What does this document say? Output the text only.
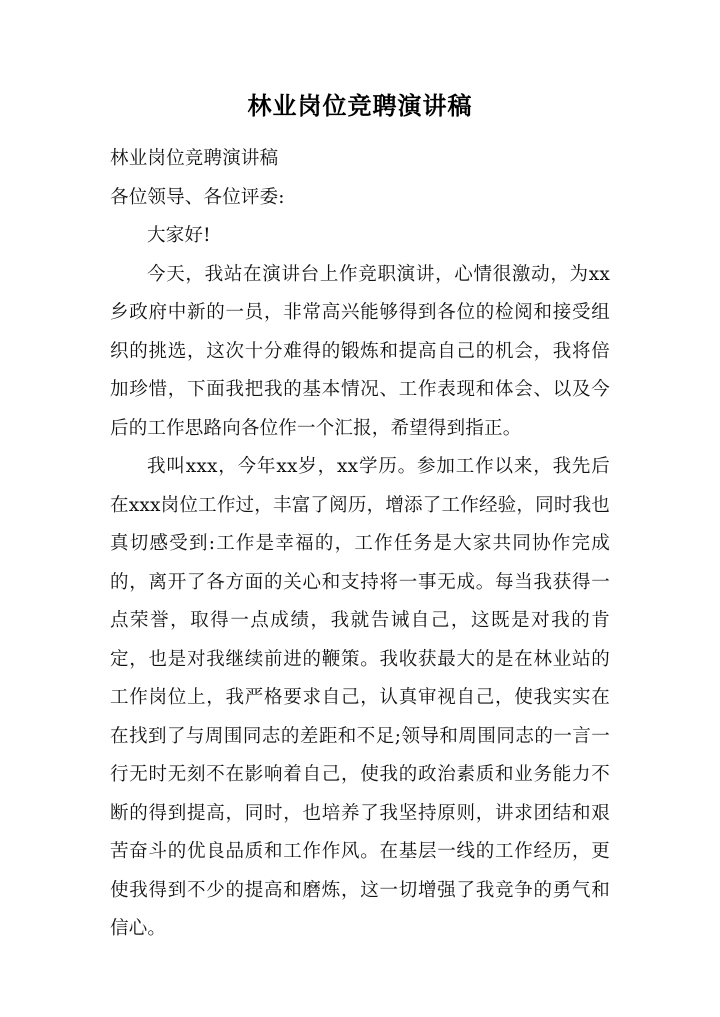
林业岗位竞聘演讲稿

林业岗位竞聘演讲稿

各位领导、各位评委:

大家好!

今天，我站在演讲台上作竞职演讲，心情很激动，为xx乡政府中新的一员，非常高兴能够得到各位的检阅和接受组织的挑选，这次十分难得的锻炼和提高自己的机会，我将倍加珍惜，下面我把我的基本情况、工作表现和体会、以及今后的工作思路向各位作一个汇报，希望得到指正。

我叫xxx，今年xx岁，xx学历。参加工作以来，我先后在xxx岗位工作过，丰富了阅历，增添了工作经验，同时我也真切感受到:工作是幸福的，工作任务是大家共同协作完成的，离开了各方面的关心和支持将一事无成。每当我获得一点荣誉，取得一点成绩，我就告诫自己，这既是对我的肯定，也是对我继续前进的鞭策。我收获最大的是在林业站的工作岗位上，我严格要求自己，认真审视自己，使我实实在在找到了与周围同志的差距和不足;领导和周围同志的一言一行无时无刻不在影响着自己，使我的政治素质和业务能力不断的得到提高，同时，也培养了我坚持原则，讲求团结和艰苦奋斗的优良品质和工作作风。在基层一线的工作经历，更使我得到不少的提高和磨炼，这一切增强了我竞争的勇气和信心。
